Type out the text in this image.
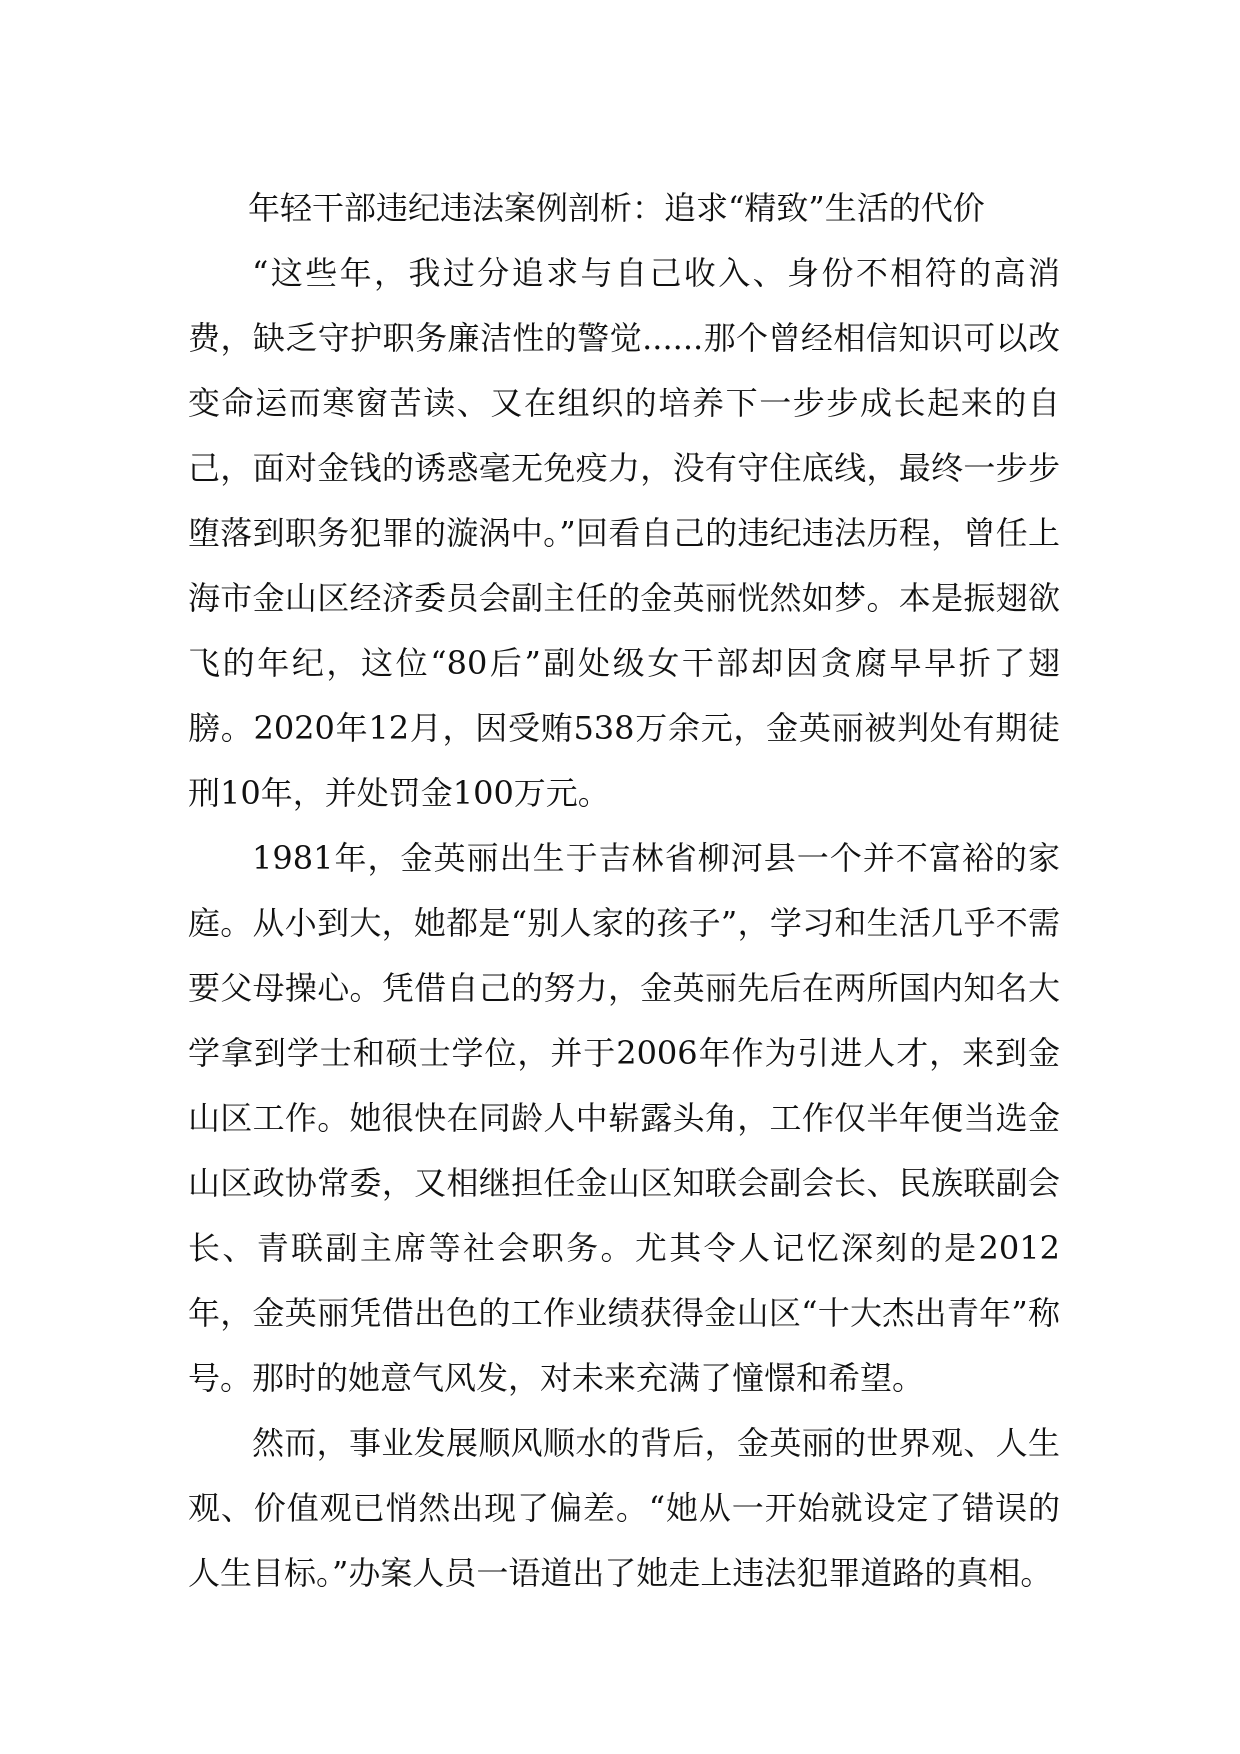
年轻干部违纪违法案例剖析：追求“精致”生活的代价

“这些年，我过分追求与自己收入、身份不相符的高消费，缺乏守护职务廉洁性的警觉......那个曾经相信知识可以改变命运而寒窗苦读、又在组织的培养下一步步成长起来的自己，面对金钱的诱惑毫无免疫力，没有守住底线，最终一步步堕落到职务犯罪的漩涡中。”回看自己的违纪违法历程，曾任上海市金山区经济委员会副主任的金英丽恍然如梦。本是振翅欲飞的年纪，这位“80后”副处级女干部却因贪腐早早折了翅膀。2020年12月，因受贿538万余元，金英丽被判处有期徒刑10年，并处罚金100万元。

1981年，金英丽出生于吉林省柳河县一个并不富裕的家庭。从小到大，她都是“别人家的孩子”，学习和生活几乎不需要父母操心。凭借自己的努力，金英丽先后在两所国内知名大学拿到学士和硕士学位，并于2006年作为引进人才，来到金山区工作。她很快在同龄人中崭露头角，工作仅半年便当选金山区政协常委，又相继担任金山区知联会副会长、民族联副会长、青联副主席等社会职务。尤其令人记忆深刻的是2012年，金英丽凭借出色的工作业绩获得金山区“十大杰出青年”称号。那时的她意气风发，对未来充满了憧憬和希望。

然而，事业发展顺风顺水的背后，金英丽的世界观、人生观、价值观已悄然出现了偏差。“她从一开始就设定了错误的人生目标。”办案人员一语道出了她走上违法犯罪道路的真相。
